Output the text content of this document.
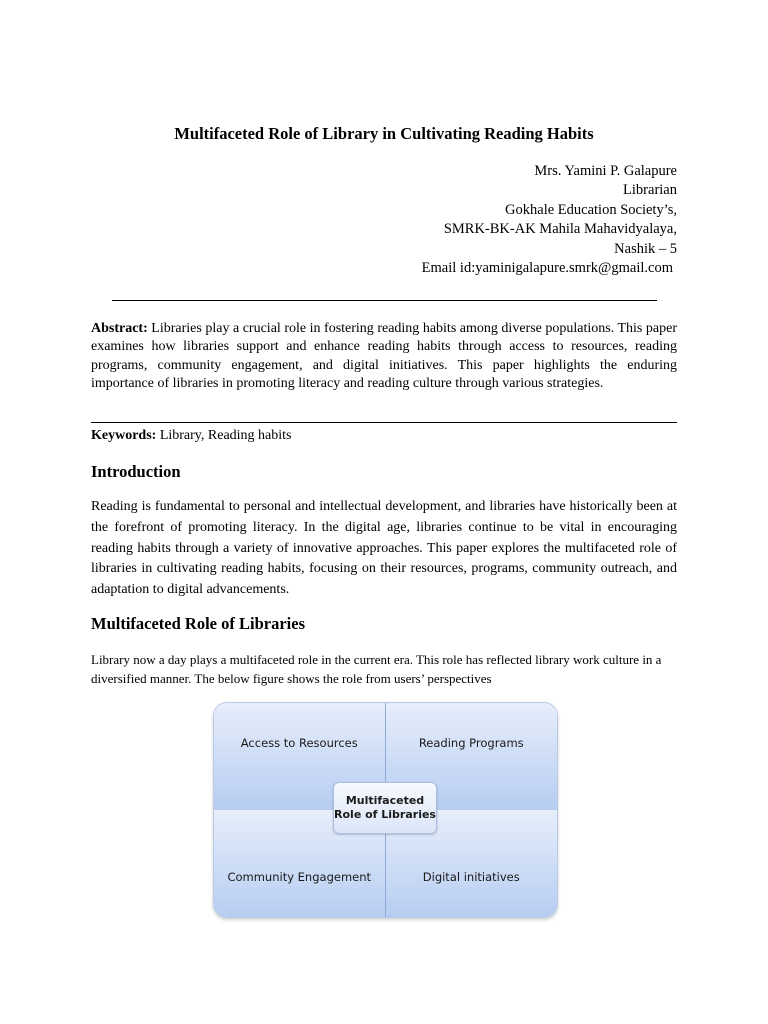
Multifaceted Role of Library in Cultivating Reading Habits
Mrs. Yamini P. Galapure
Librarian
Gokhale Education Society’s,
SMRK-BK-AK Mahila Mahavidyalaya,
Nashik – 5
Email id:yaminigalapure.smrk@gmail.com
Abstract: Libraries play a crucial role in fostering reading habits among diverse populations. This paper examines how libraries support and enhance reading habits through access to resources, reading programs, community engagement, and digital initiatives. This paper highlights the enduring importance of libraries in promoting literacy and reading culture through various strategies.
Keywords: Library, Reading habits
Introduction
Reading is fundamental to personal and intellectual development, and libraries have historically been at the forefront of promoting literacy. In the digital age, libraries continue to be vital in encouraging reading habits through a variety of innovative approaches. This paper explores the multifaceted role of libraries in cultivating reading habits, focusing on their resources, programs, community outreach, and adaptation to digital advancements.
Multifaceted Role of Libraries
Library now a day plays a multifaceted role in the current era. This role has reflected library work culture in a diversified manner. The below figure shows the role from users’ perspectives
Access to Resources	Reading Programs
Community Engagement	Digital initiatives
Multifaceted
Role of Libraries
